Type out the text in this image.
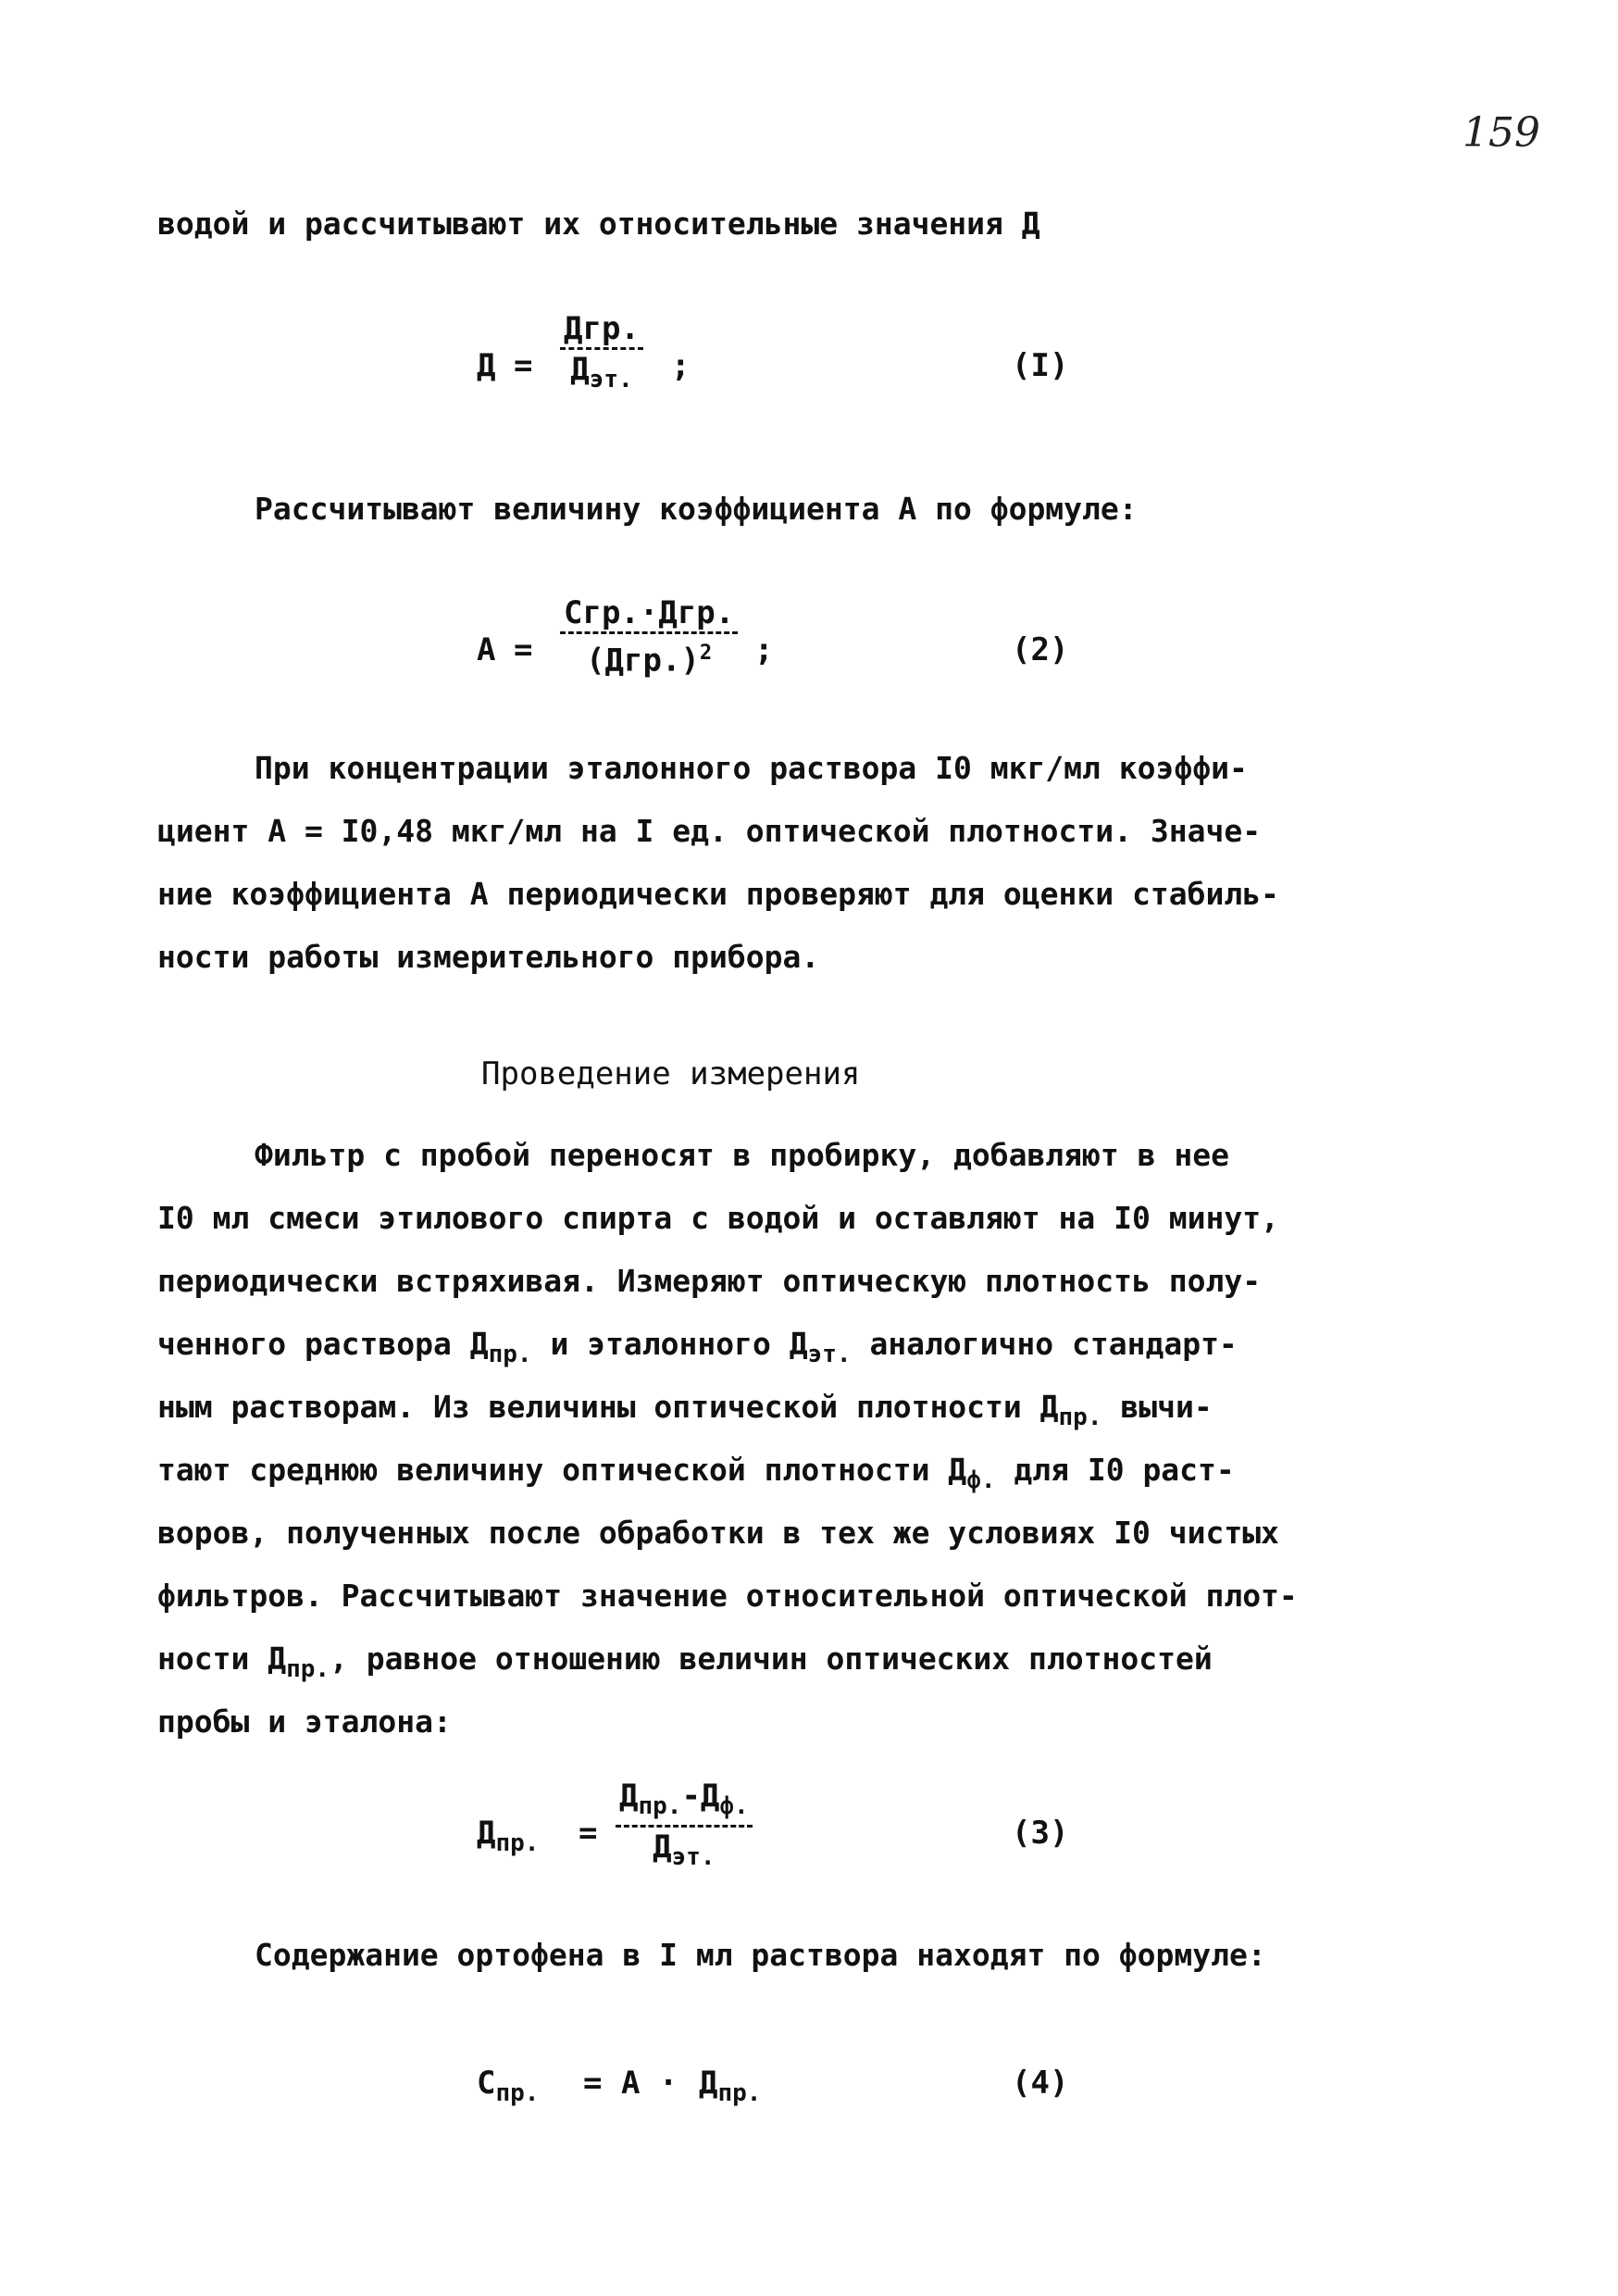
159
водой и рассчитывают их относительные значения Д
Д =
Дгр.
$Д_{эт.}$	;	(I)
Рассчитывают величину коэффициента А по формуле:
А =
Сгр.·Дгр.
$(Дгр.)^2$	;	(2)
При концентрации эталонного раствора I0 мкг/мл коэффи-
циент А = I0,48 мкг/мл на I ед. оптической плотности. Значе-
ние коэффициента А периодически проверяют для оценки стабиль-
ности работы измерительного прибора.
Проведение измерения
Фильтр с пробой переносят в пробирку, добавляют в нее
I0 мл смеси этилового спирта с водой и оставляют на I0 минут,
периодически встряхивая. Измеряют оптическую плотность полу-
ченного раствора $Д_{пр.}$ и эталонного $Д_{эт.}$ аналогично стандарт-
ным растворам. Из величины оптической плотности $Д_{пр.}$ вычи-
тают среднюю величину оптической плотности $Д_{ф.}$ для I0 раст-
воров, полученных после обработки в тех же условиях I0 чистых
фильтров. Рассчитывают значение относительной оптической плот-
ности $Д_{пр.}$, равное отношению величин оптических плотностей
пробы и эталона:
$Д_{пр.}$ =
$Д_{пр.}-Д_{ф.}$
$Д_{эт.}$
(3)
Содержание ортофена в I мл раствора находят по формуле:
$С_{пр.} = А \cdot Д_{пр.}$	(4)
